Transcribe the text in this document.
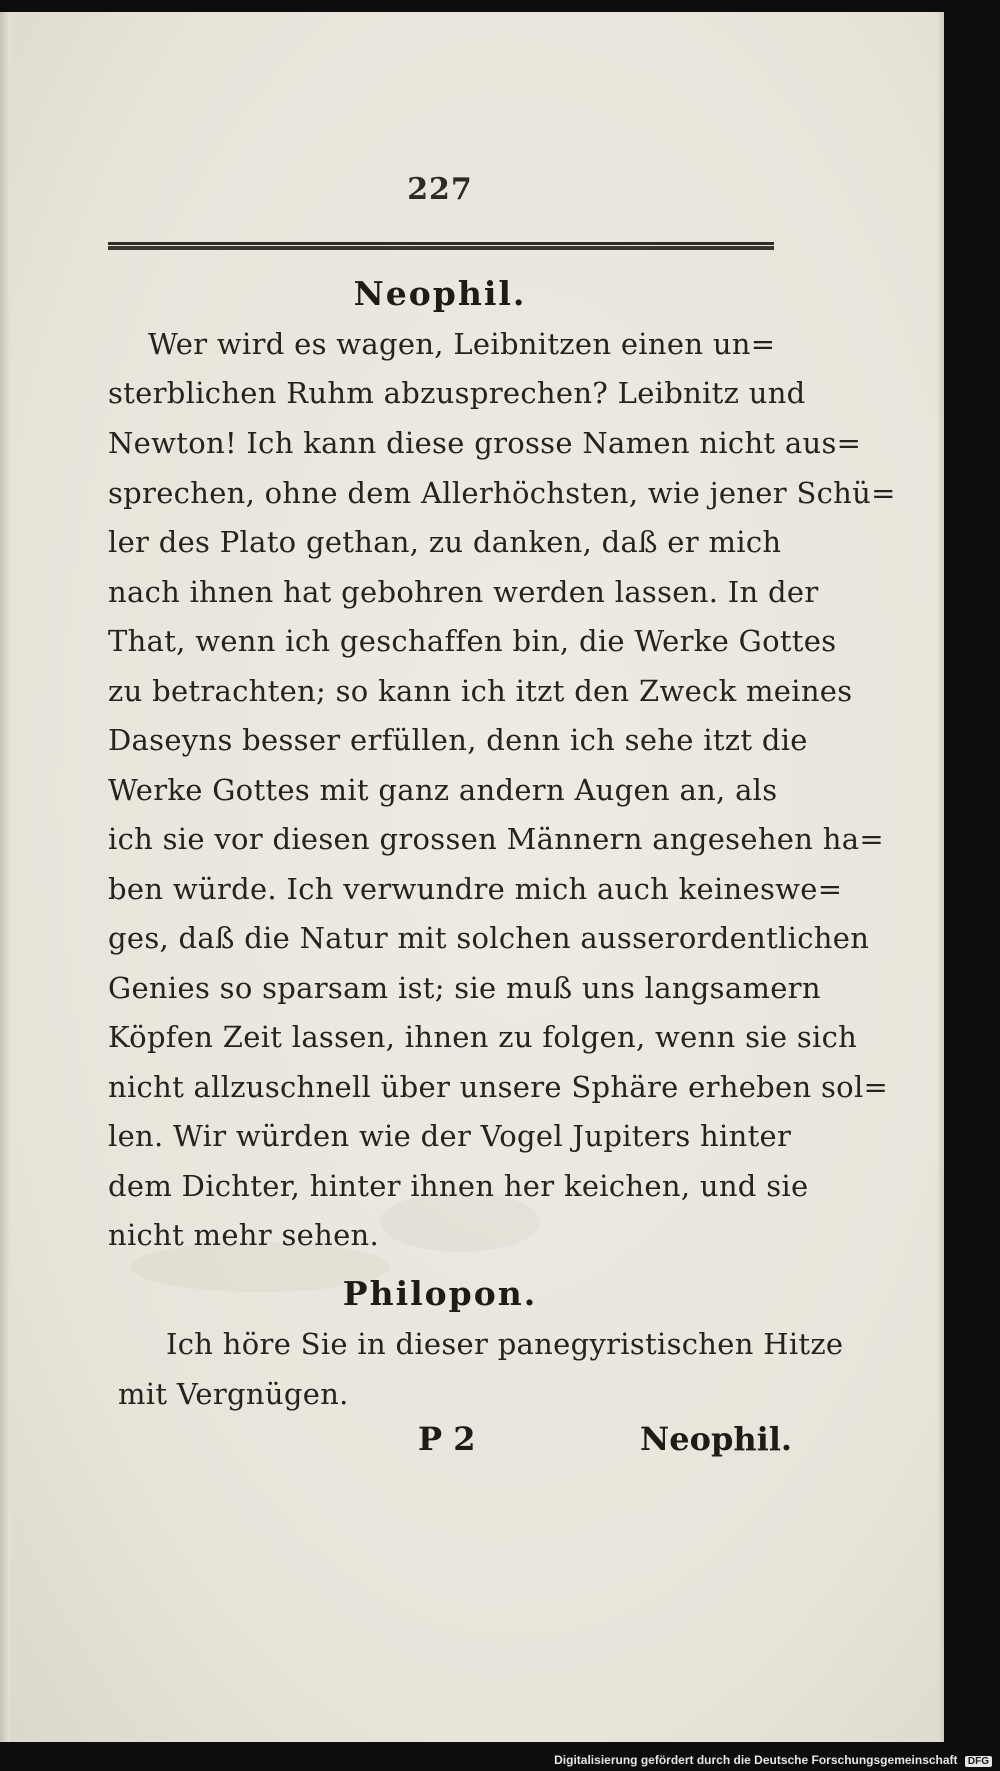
227
Neophil.
Wer wird es wagen, Leibnitzen einen un=
sterblichen Ruhm abzusprechen? Leibnitz und
Newton! Ich kann diese grosse Namen nicht aus=
sprechen, ohne dem Allerhöchsten, wie jener Schü=
ler des Plato gethan, zu danken, daß er mich
nach ihnen hat gebohren werden lassen. In der
That, wenn ich geschaffen bin, die Werke Gottes
zu betrachten; so kann ich itzt den Zweck meines
Daseyns besser erfüllen, denn ich sehe itzt die
Werke Gottes mit ganz andern Augen an, als
ich sie vor diesen grossen Männern angesehen ha=
ben würde. Ich verwundre mich auch keineswe=
ges, daß die Natur mit solchen ausserordentlichen
Genies so sparsam ist; sie muß uns langsamern
Köpfen Zeit lassen, ihnen zu folgen, wenn sie sich
nicht allzuschnell über unsere Sphäre erheben sol=
len. Wir würden wie der Vogel Jupiters hinter
dem Dichter, hinter ihnen her keichen, und sie
nicht mehr sehen.
Philopon.
Ich höre Sie in dieser panegyristischen Hitze
mit Vergnügen.
P 2	Neophil.
Digitalisierung gefördert durch die Deutsche Forschungsgemeinschaft DFG
